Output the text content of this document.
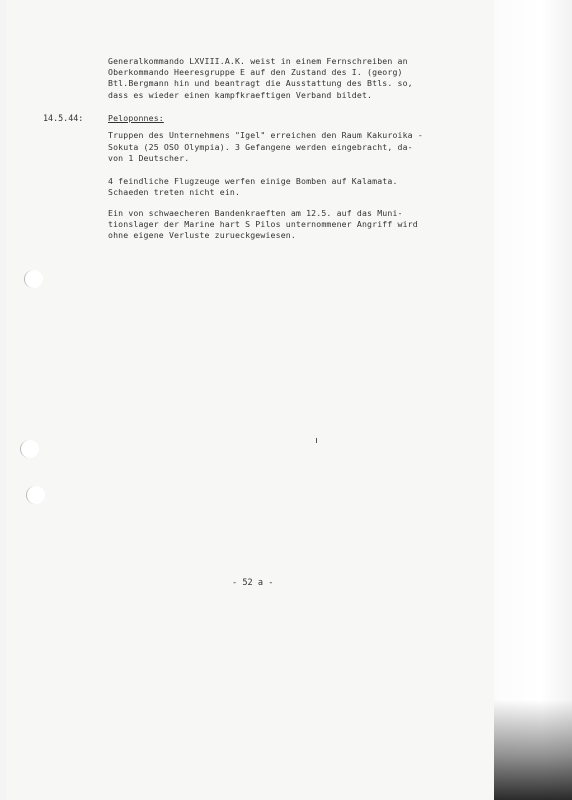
Generalkommando LXVIII.A.K. weist in einem Fernschreiben an
Oberkommando Heeresgruppe E auf den Zustand des I. (georg)
Btl.Bergmann hin und beantragt die Ausstattung des Btls. so,
dass es wieder einen kampfkraeftigen Verband bildet.
14.5.44:	Peloponnes:
Truppen des Unternehmens "Igel" erreichen den Raum Kakuroika -
Sokuta (25 OSO Olympia). 3 Gefangene werden eingebracht, da-
von 1 Deutscher.
4 feindliche Flugzeuge werfen einige Bomben auf Kalamata.
Schaeden treten nicht ein.
Ein von schwaecheren Bandenkraeften am 12.5. auf das Muni-
tionslager der Marine hart S Pilos unternommener Angriff wird
ohne eigene Verluste zurueckgewiesen.
- 52 a -
